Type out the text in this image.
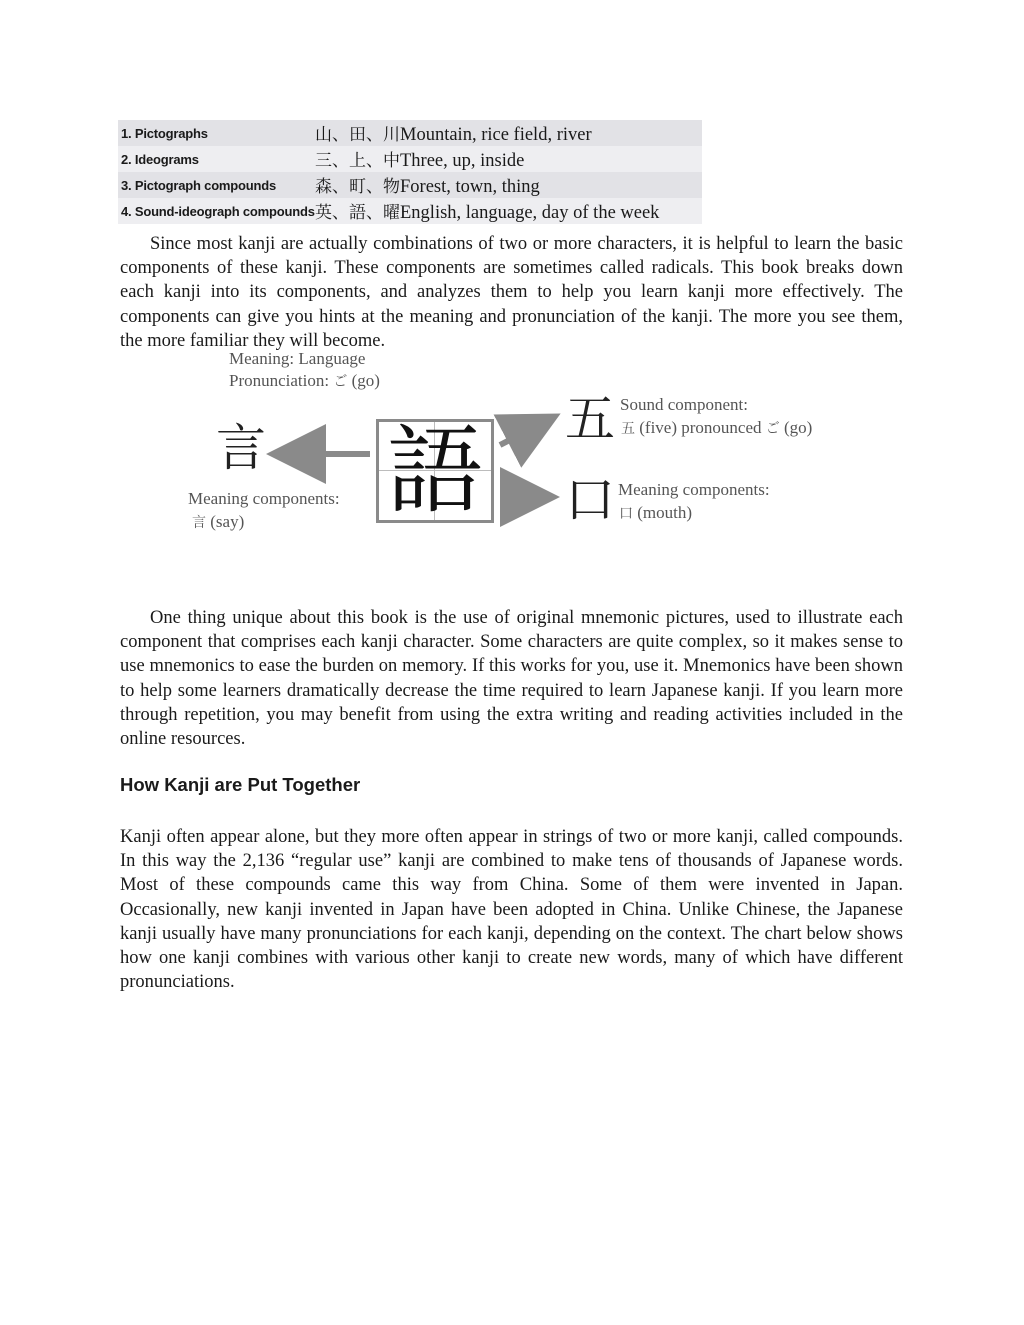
1. Pictographs	山、田、川Mountain, rice field, river
2. Ideograms	三、上、中Three, up, inside
3. Pictograph compounds	森、町、物Forest, town, thing
4. Sound-ideograph compounds	英、語、曜English, language, day of the week

Since most kanji are actually combinations of two or more characters, it is helpful to learn the basic components of these kanji. These components are sometimes called radicals. This book breaks down each kanji into its components, and analyzes them to help you learn kanji more effectively. The components can give you hints at the meaning and pronunciation of the kanji. The more you see them, the more familiar they will become.

Meaning: Language
Pronunciation: ご (go)
言
Meaning components:
言 (say) 語 五 Sound component:
五 (five) pronounced ご (go)
口 Meaning components:
口 (mouth)

One thing unique about this book is the use of original mnemonic pictures, used to illustrate each component that comprises each kanji character. Some characters are quite complex, so it makes sense to use mnemonics to ease the burden on memory. If this works for you, use it. Mnemonics have been shown to help some learners dramatically decrease the time required to learn Japanese kanji. If you learn more through repetition, you may benefit from using the extra writing and reading activities included in the online resources.

How Kanji are Put Together

Kanji often appear alone, but they more often appear in strings of two or more kanji, called compounds. In this way the 2,136 “regular use” kanji are combined to make tens of thousands of Japanese words. Most of these compounds came this way from China. Some of them were invented in Japan. Occasionally, new kanji invented in Japan have been adopted in China. Unlike Chinese, the Japanese kanji usually have many pronunciations for each kanji, depending on the context. The chart below shows how one kanji combines with various other kanji to create new words, many of which have different pronunciations.
